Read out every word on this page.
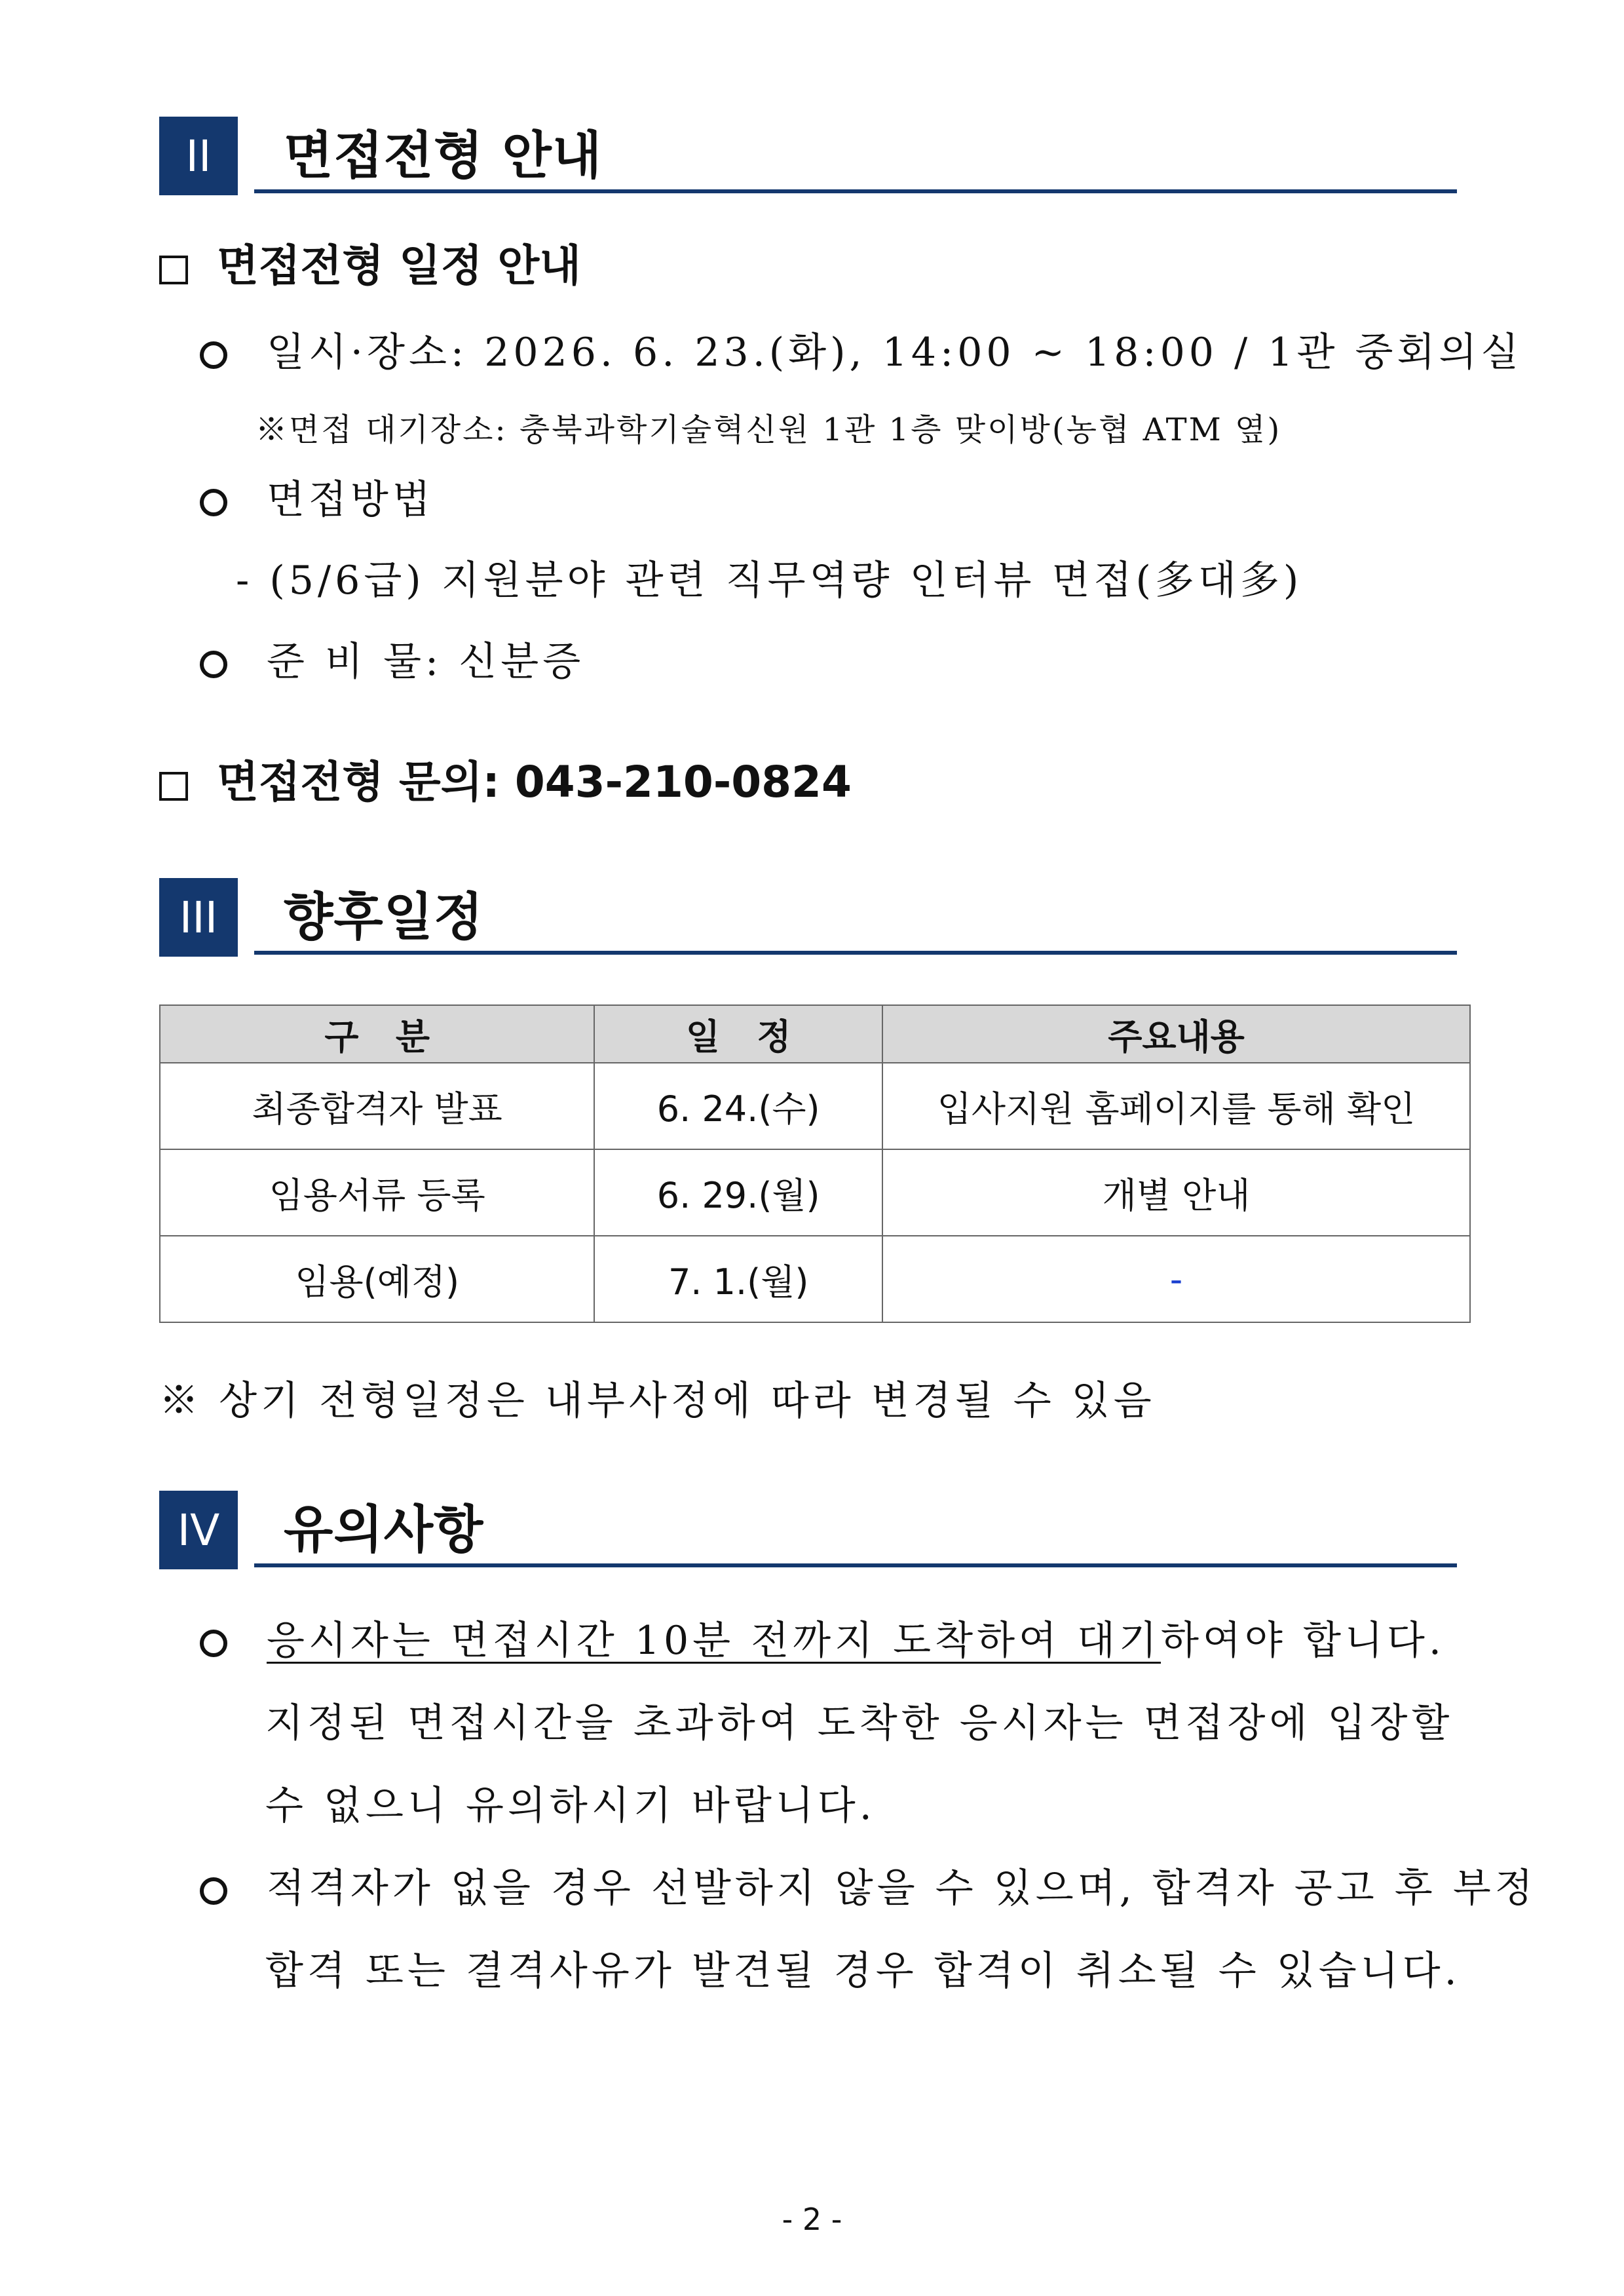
II	면접전형 안내
면접전형 일정 안내
일시·장소: 2026. 6. 23.(화), 14:00 ~ 18:00 / 1관 중회의실
※면접 대기장소: 충북과학기술혁신원 1관 1층 맞이방(농협 ATM 옆)
면접방법
- (5/6급) 지원분야 관련 직무역량 인터뷰 면접(多대多)
준 비 물: 신분증
면접전형 문의: 043-210-0824
III	향후일정
구   분	일   정	주요내용
최종합격자 발표	6. 24.(수)	입사지원 홈페이지를 통해 확인
임용서류 등록	6. 29.(월)	개별 안내
임용(예정)	7. 1.(월)	-
※ 상기 전형일정은 내부사정에 따라 변경될 수 있음
IV	유의사항
응시자는 면접시간 10분 전까지 도착하여 대기하여야 합니다.
지정된 면접시간을 초과하여 도착한 응시자는 면접장에 입장할
수 없으니 유의하시기 바랍니다.
적격자가 없을 경우 선발하지 않을 수 있으며, 합격자 공고 후 부정
합격 또는 결격사유가 발견될 경우 합격이 취소될 수 있습니다.
- 2 -
